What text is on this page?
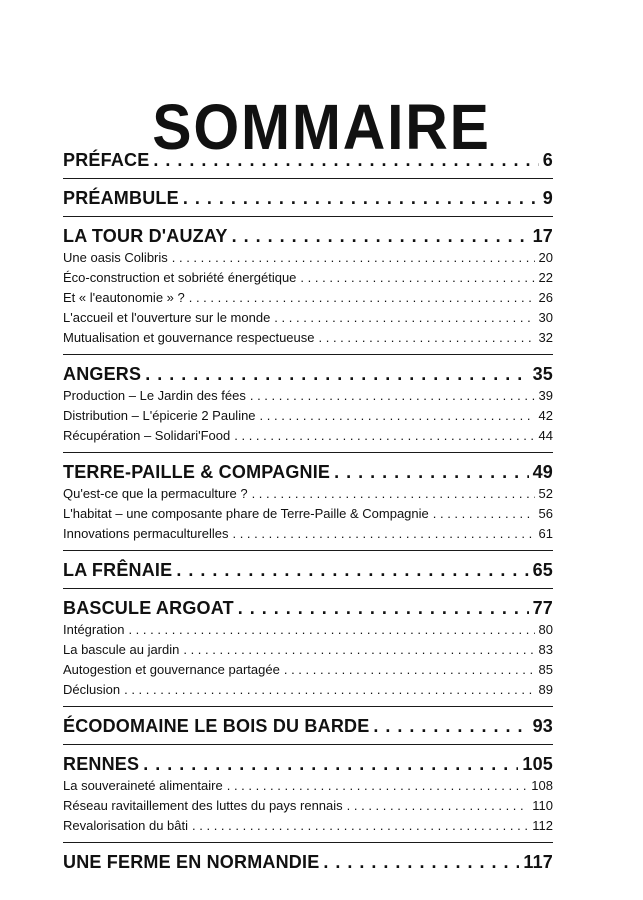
SOMMAIRE
PRÉFACE . . .	6
PRÉAMBULE . . .	9
LA TOUR D'AUZAY . . .	17
Une oasis Colibris . . .	20
Éco-construction et sobriété énergétique . . .	22
Et « l'eautonomie » ? . . .	26
L'accueil et l'ouverture sur le monde . . .	30
Mutualisation et gouvernance respectueuse . . .	32
ANGERS . . .	35
Production – Le Jardin des fées . . .	39
Distribution – L'épicerie 2 Pauline . . .	42
Récupération – Solidari'Food . . .	44
TERRE-PAILLE & COMPAGNIE . . .	49
Qu'est-ce que la permaculture ? . . .	52
L'habitat – une composante phare de Terre-Paille & Compagnie . . .	56
Innovations permaculturelles . . .	61
LA FRÊNAIE . . .	65
BASCULE ARGOAT . . .	77
Intégration . . .	80
La bascule au jardin . . .	83
Autogestion et gouvernance partagée . . .	85
Déclusion . . .	89
ÉCODOMAINE LE BOIS DU BARDE . . .	93
RENNES . . .	105
La souveraineté alimentaire . . .	108
Réseau ravitaillement des luttes du pays rennais . . .	110
Revalorisation du bâti . . .	112
UNE FERME EN NORMANDIE . . .	117
